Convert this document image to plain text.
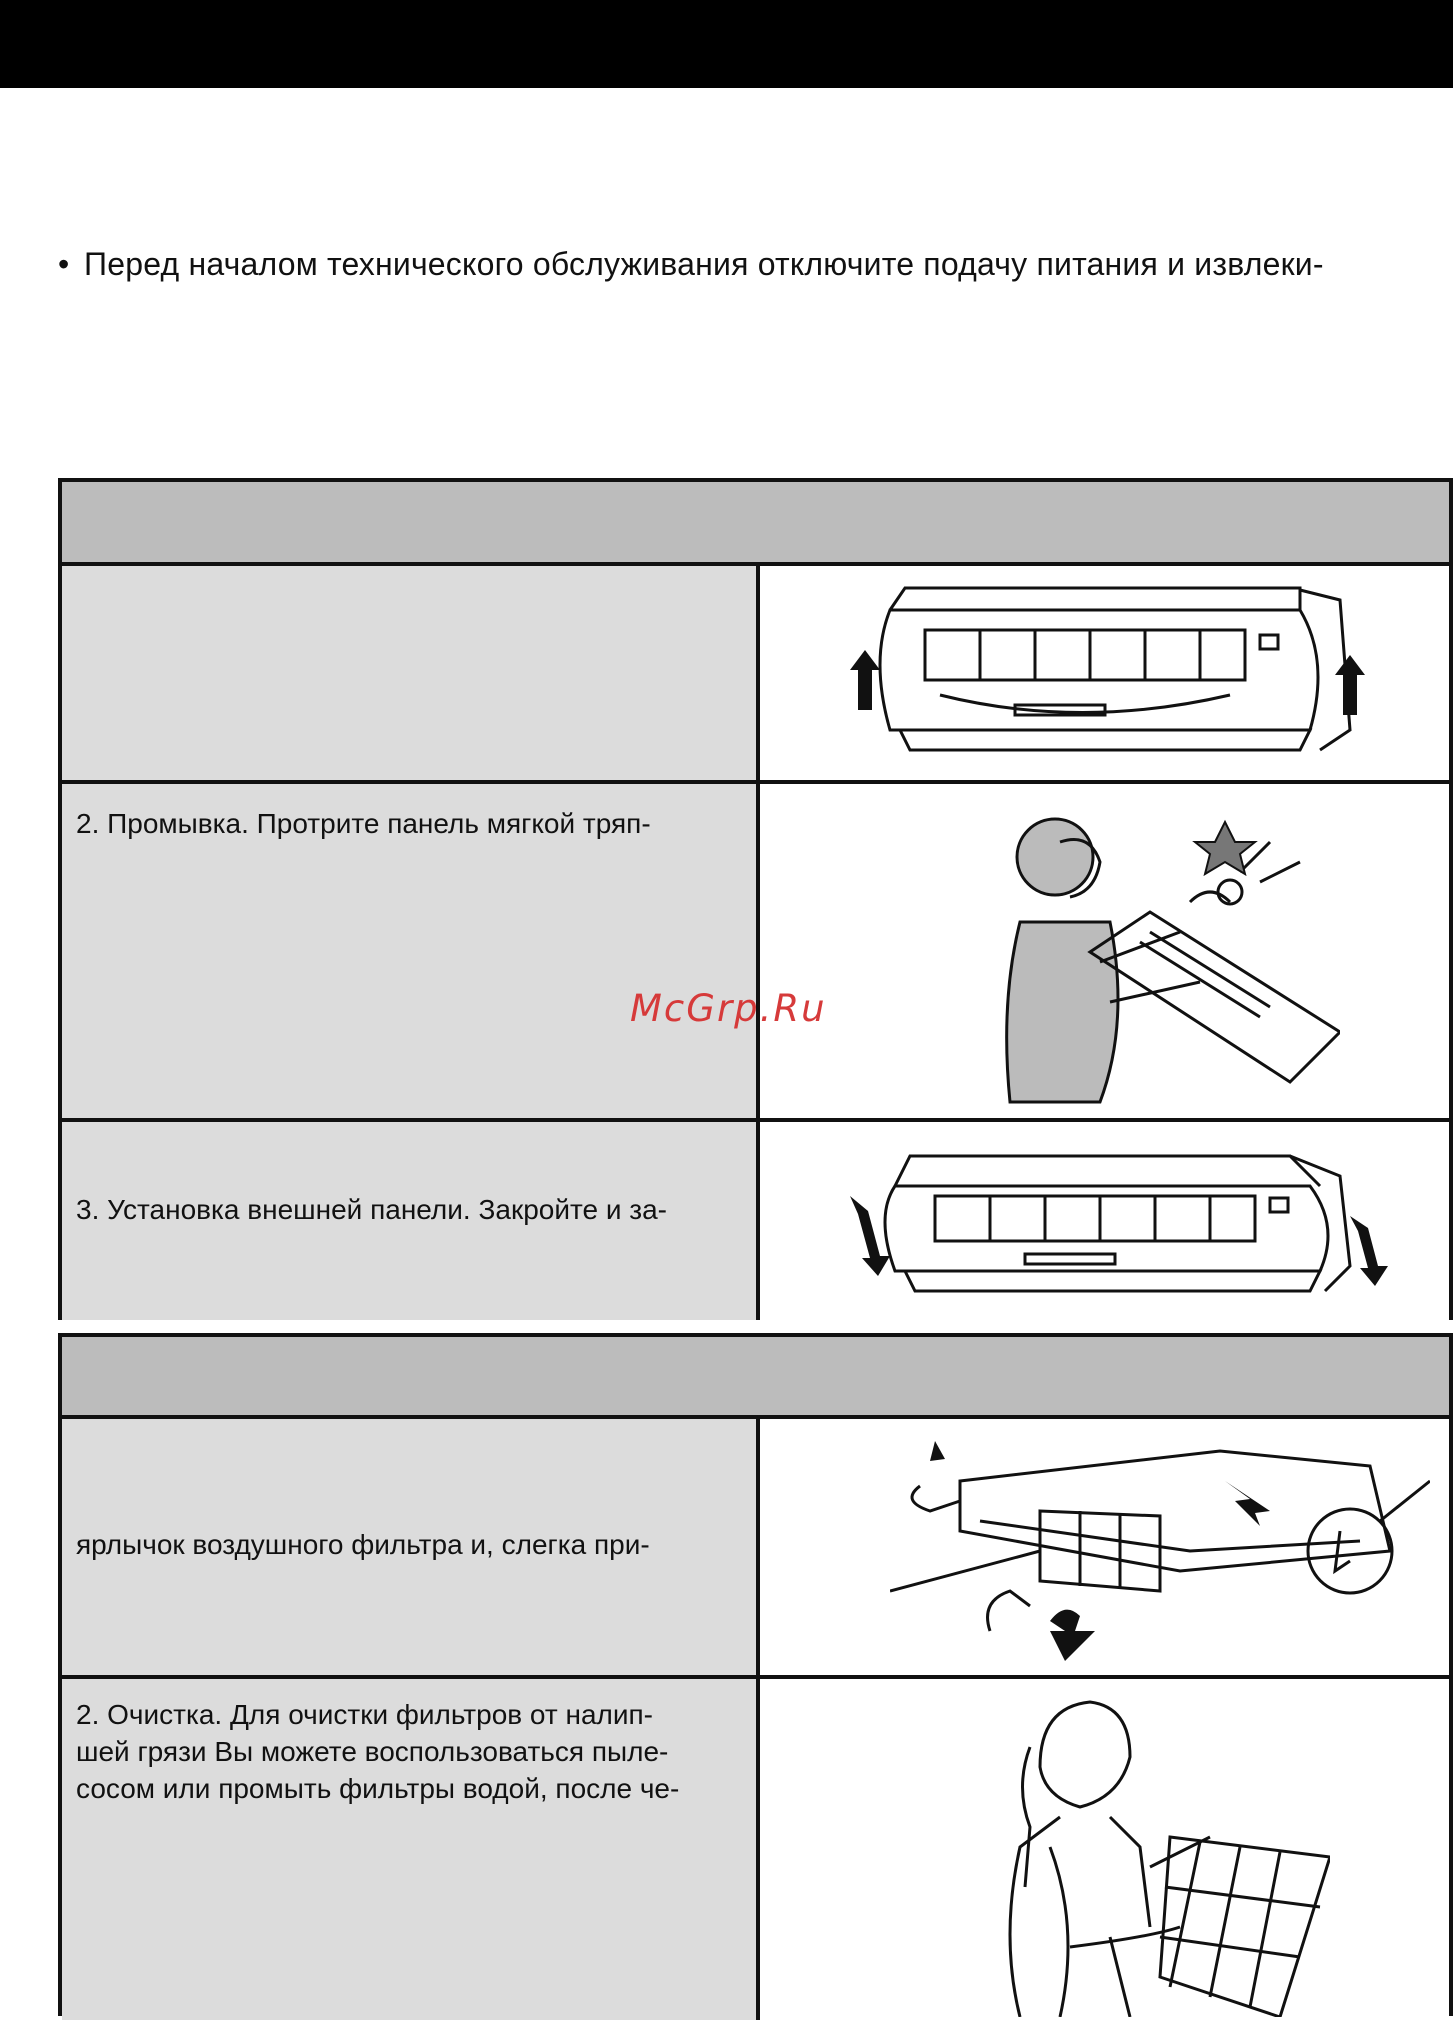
• Перед началом технического обслуживания отключите подачу питания и извлеки-
2. Промывка. Протрите панель мягкой тряп-
3. Установка внешней панели. Закройте и за-
ярлычок воздушного фильтра и, слегка при-
2. Очистка. Для очистки фильтров от налип-
шей грязи Вы можете воспользоваться пыле-
сосом или промыть фильтры водой, после че-
McGrp.Ru
